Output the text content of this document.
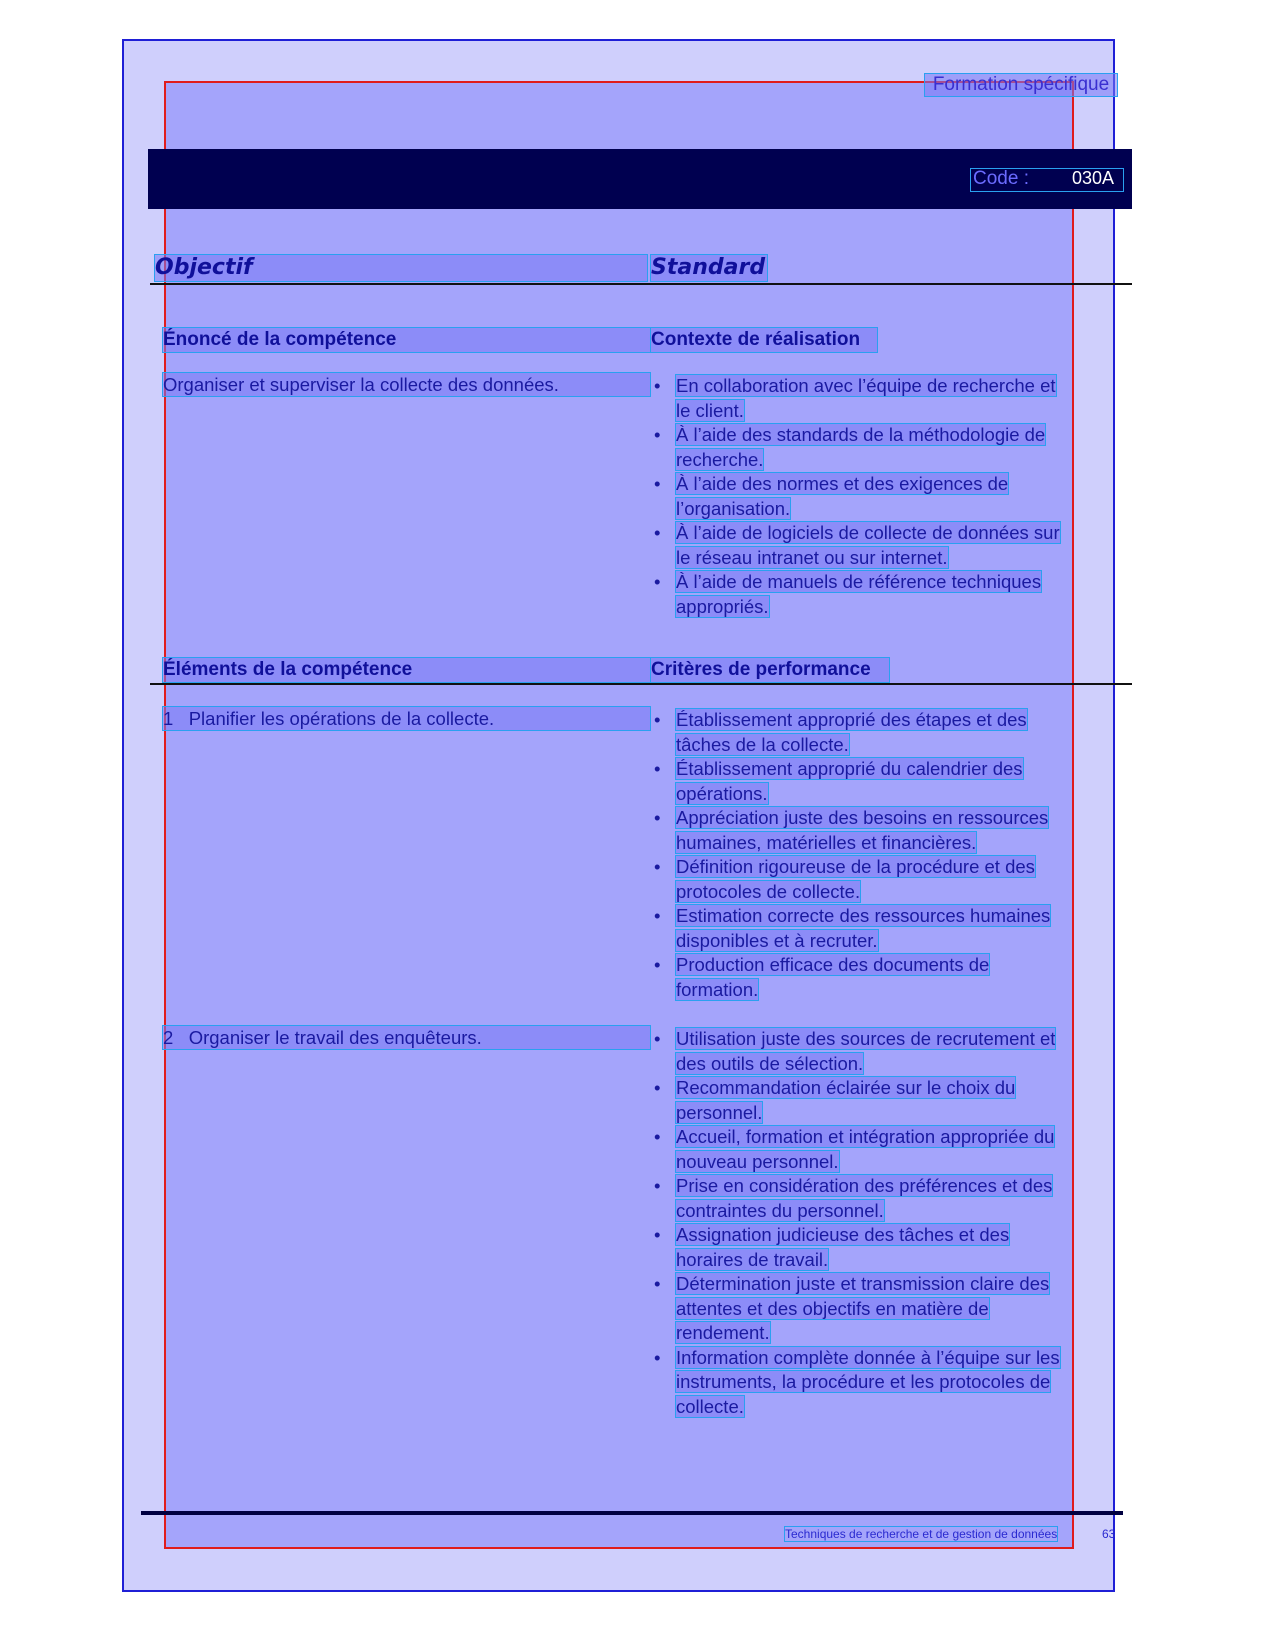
Formation spécifique
Code : 030A
Objectif	Standard
Énoncé de la compétence	Contexte de réalisation
Organiser et superviser la collecte des données.	• En collaboration avec l’équipe de recherche et
le client.
• À l’aide des standards de la méthodologie de
recherche.
• À l’aide des normes et des exigences de
l’organisation.
• À l’aide de logiciels de collecte de données sur
le réseau intranet ou sur internet.
• À l’aide de manuels de référence techniques
appropriés.
Éléments de la compétence	Critères de performance
1 Planifier les opérations de la collecte.	• Établissement approprié des étapes et des
tâches de la collecte.
• Établissement approprié du calendrier des
opérations.
• Appréciation juste des besoins en ressources
humaines, matérielles et financières.
• Définition rigoureuse de la procédure et des
protocoles de collecte.
• Estimation correcte des ressources humaines
disponibles et à recruter.
• Production efficace des documents de
formation.
2 Organiser le travail des enquêteurs.	• Utilisation juste des sources de recrutement et
des outils de sélection.
• Recommandation éclairée sur le choix du
personnel.
• Accueil, formation et intégration appropriée du
nouveau personnel.
• Prise en considération des préférences et des
contraintes du personnel.
• Assignation judicieuse des tâches et des
horaires de travail.
• Détermination juste et transmission claire des
attentes et des objectifs en matière de
rendement.
• Information complète donnée à l’équipe sur les
instruments, la procédure et les protocoles de
collecte.
Techniques de recherche et de gestion de données	63
